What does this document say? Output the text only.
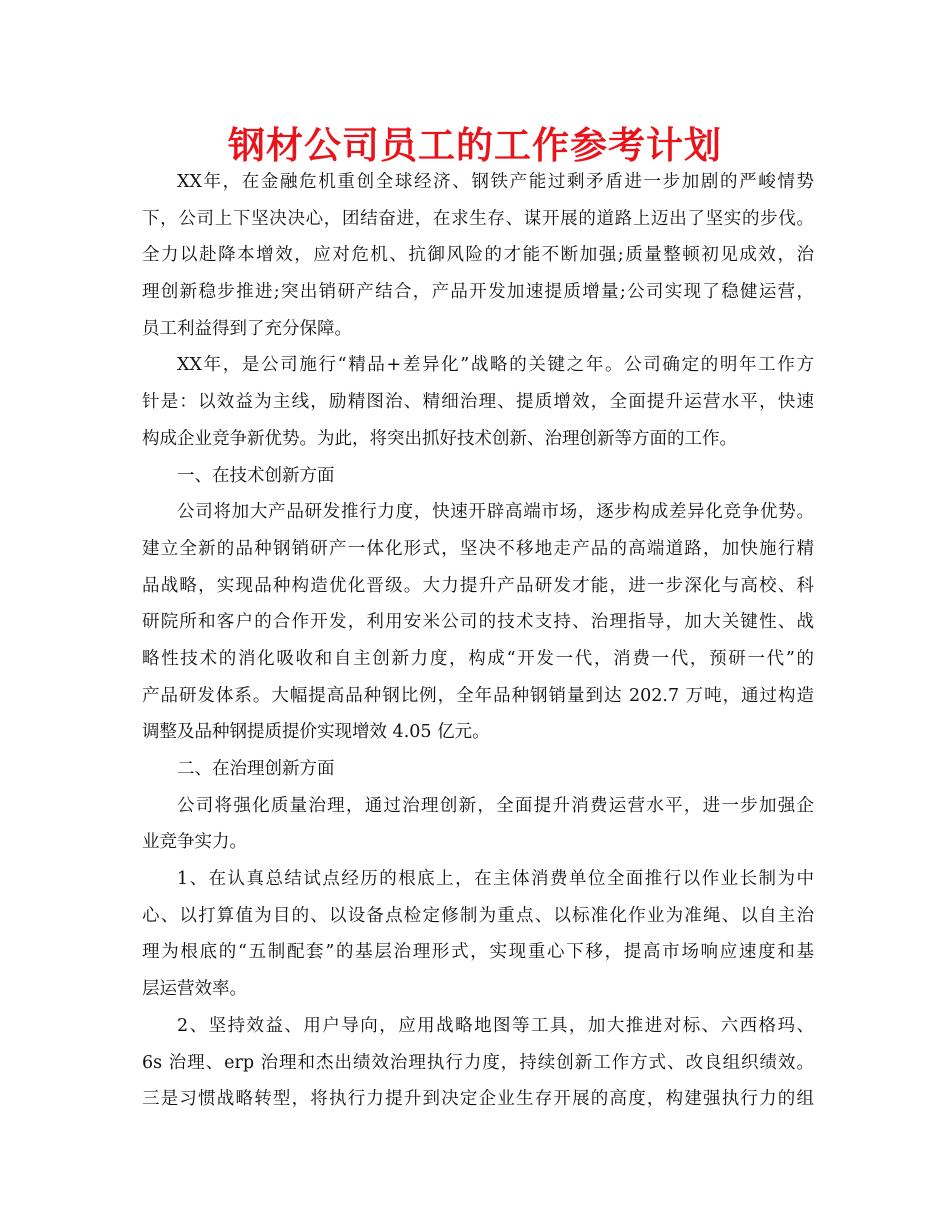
钢材公司员工的工作参考计划
XX年，在金融危机重创全球经济、钢铁产能过剩矛盾进一步加剧的严峻情势
下，公司上下坚决决心，团结奋进，在求生存、谋开展的道路上迈出了坚实的步伐。
全力以赴降本增效，应对危机、抗御风险的才能不断加强;质量整顿初见成效，治
理创新稳步推进;突出销研产结合，产品开发加速提质增量;公司实现了稳健运营，
员工利益得到了充分保障。
XX年，是公司施行“精品+差异化”战略的关键之年。公司确定的明年工作方
针是：以效益为主线，励精图治、精细治理、提质增效，全面提升运营水平，快速
构成企业竞争新优势。为此，将突出抓好技术创新、治理创新等方面的工作。
一、在技术创新方面
公司将加大产品研发推行力度，快速开辟高端市场，逐步构成差异化竞争优势。
建立全新的品种钢销研产一体化形式，坚决不移地走产品的高端道路，加快施行精
品战略，实现品种构造优化晋级。大力提升产品研发才能，进一步深化与高校、科
研院所和客户的合作开发，利用安米公司的技术支持、治理指导，加大关键性、战
略性技术的消化吸收和自主创新力度，构成“开发一代，消费一代，预研一代”的
产品研发体系。大幅提高品种钢比例，全年品种钢销量到达 202.7 万吨，通过构造
调整及品种钢提质提价实现增效 4.05 亿元。
二、在治理创新方面
公司将强化质量治理，通过治理创新，全面提升消费运营水平，进一步加强企
业竞争实力。
1、在认真总结试点经历的根底上，在主体消费单位全面推行以作业长制为中
心、以打算值为目的、以设备点检定修制为重点、以标准化作业为准绳、以自主治
理为根底的“五制配套”的基层治理形式，实现重心下移，提高市场响应速度和基
层运营效率。
2、坚持效益、用户导向，应用战略地图等工具，加大推进对标、六西格玛、
6s 治理、erp 治理和杰出绩效治理执行力度，持续创新工作方式、改良组织绩效。
三是习惯战略转型，将执行力提升到决定企业生存开展的高度，构建强执行力的组
